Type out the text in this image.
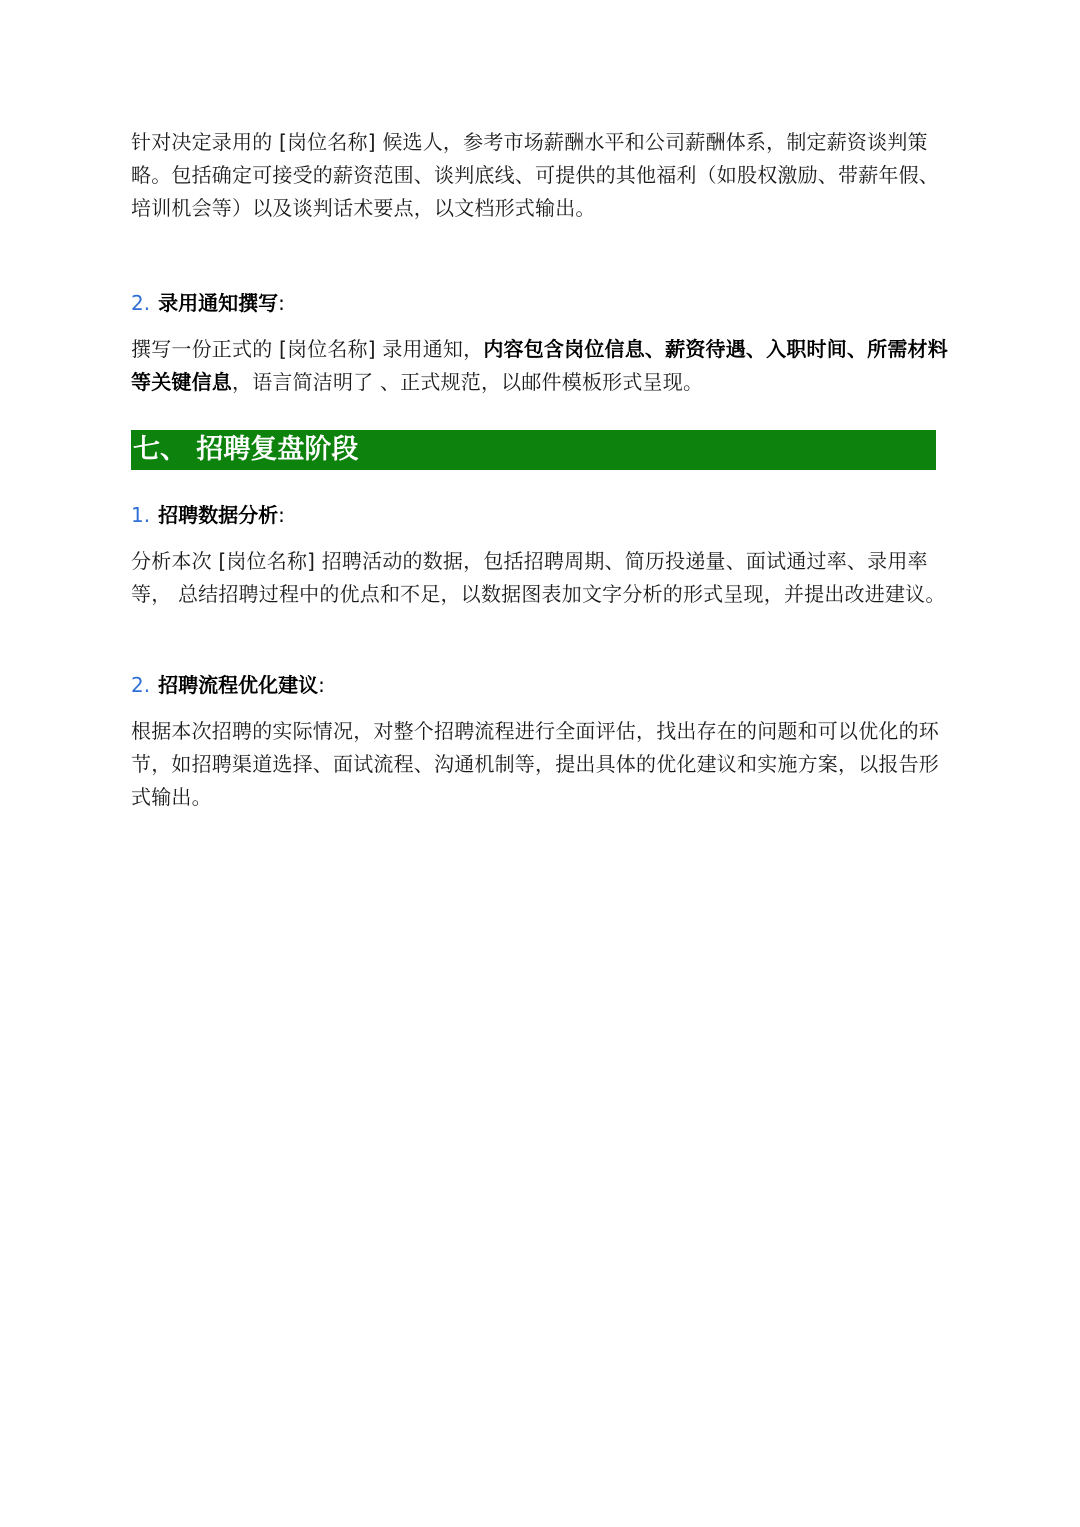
针对决定录用的 [岗位名称] 候选人，参考市场薪酬水平和公司薪酬体系，制定薪资谈判策略。包括确定可接受的薪资范围、谈判底线、可提供的其他福利（如股权激励、带薪年假、培训机会等）以及谈判话术要点，以文档形式输出。

2. 录用通知撰写:

撰写一份正式的 [岗位名称] 录用通知，内容包含岗位信息、薪资待遇、入职时间、所需材料等关键信息，语言简洁明了 、正式规范，以邮件模板形式呈现。

七、 招聘复盘阶段

1. 招聘数据分析:

分析本次 [岗位名称] 招聘活动的数据，包括招聘周期、简历投递量、面试通过率、录用率等， 总结招聘过程中的优点和不足，以数据图表加文字分析的形式呈现，并提出改进建议。

2. 招聘流程优化建议:

根据本次招聘的实际情况，对整个招聘流程进行全面评估，找出存在的问题和可以优化的环节，如招聘渠道选择、面试流程、沟通机制等，提出具体的优化建议和实施方案，以报告形式输出。
